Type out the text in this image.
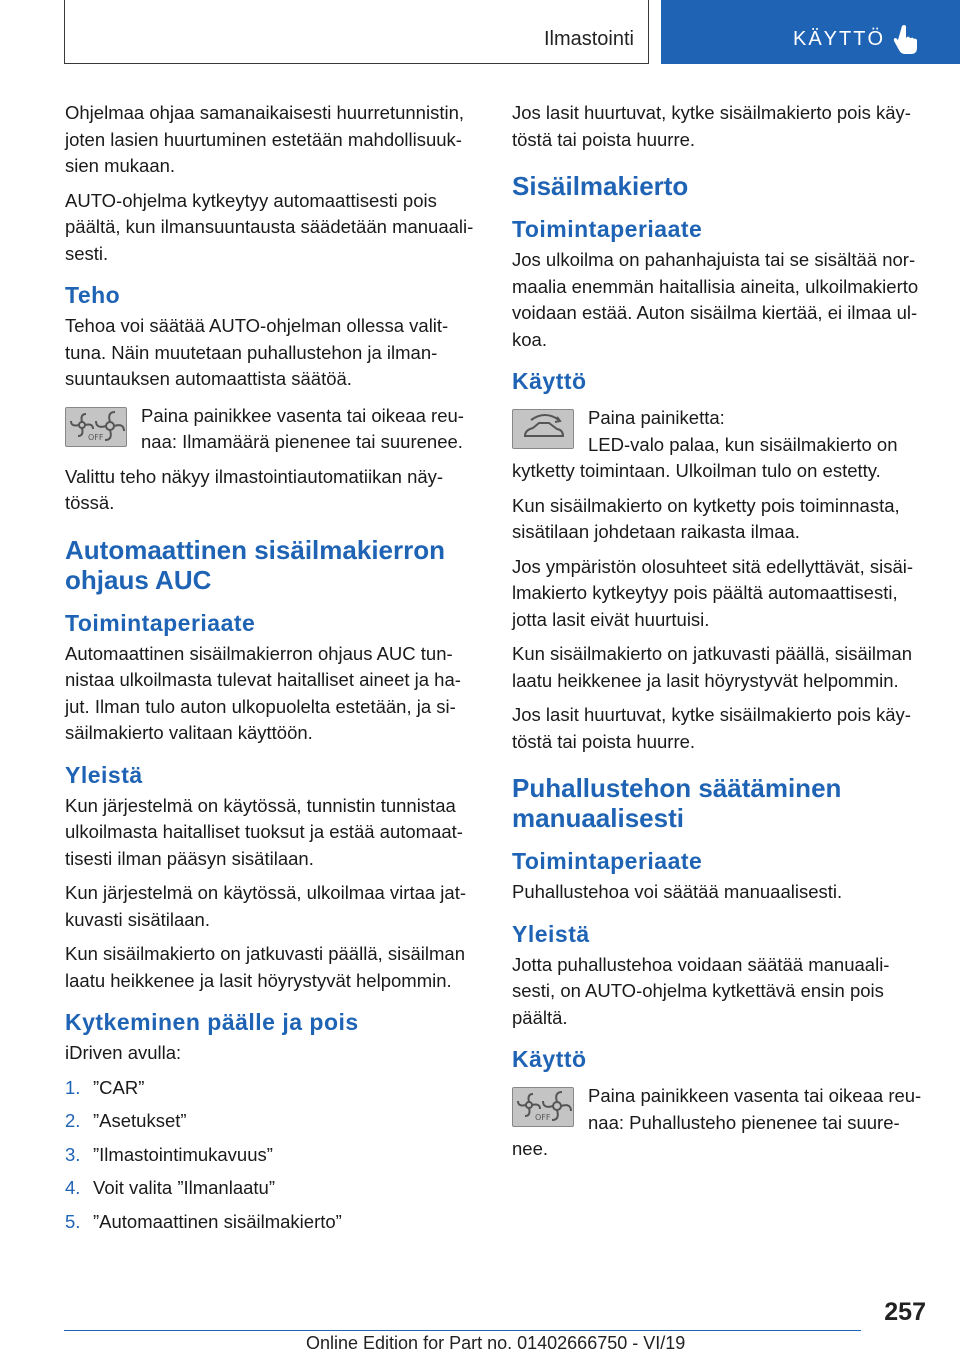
Ilmastointi	KÄYTTÖ

Ohjelmaa ohjaa samanaikaisesti huurretunnistin, joten lasien huurtuminen estetään mahdollisuuk-sien mukaan.

AUTO-ohjelma kytkeytyy automaattisesti pois päältä, kun ilmansuuntausta säädetään manuaali-sesti.

Teho

Tehoa voi säätää AUTO-ohjelman ollessa valit-tuna. Näin muutetaan puhallustehon ja ilman-suuntauksen automaattista säätöä.

OFF
Paina painikkee vasenta tai oikeaa reu-naa: Ilmamäärä pienenee tai suurenee.

Valittu teho näkyy ilmastointiautomatiikan näy-tössä.

Automaattinen sisäilmakierron ohjaus AUC
Toimintaperiaate

Automaattinen sisäilmakierron ohjaus AUC tun-nistaa ulkoilmasta tulevat haitalliset aineet ja ha-jut. Ilman tulo auton ulkopuolelta estetään, ja si-säilmakierto valitaan käyttöön.

Yleistä

Kun järjestelmä on käytössä, tunnistin tunnistaa ulkoilmasta haitalliset tuoksut ja estää automaat-tisesti ilman pääsyn sisätilaan.

Kun järjestelmä on käytössä, ulkoilmaa virtaa jat-kuvasti sisätilaan.

Kun sisäilmakierto on jatkuvasti päällä, sisäilman laatu heikkenee ja lasit höyrystyvät helpommin.

Kytkeminen päälle ja pois

iDriven avulla:

1. ”CAR”
2. ”Asetukset”
3. ”Ilmastointimukavuus”
4. Voit valita ”Ilmanlaatu”
5. ”Automaattinen sisäilmakierto”

Jos lasit huurtuvat, kytke sisäilmakierto pois käy-töstä tai poista huurre.

Sisäilmakierto
Toimintaperiaate

Jos ulkoilma on pahanhajuista tai se sisältää nor-maalia enemmän haitallisia aineita, ulkoilmakierto voidaan estää. Auton sisäilma kiertää, ei ilmaa ul-koa.

Käyttö
Paina painiketta:
LED-valo palaa, kun sisäilmakierto on kytketty toimintaan. Ulkoilman tulo on estetty.

Kun sisäilmakierto on kytketty pois toiminnasta, sisätilaan johdetaan raikasta ilmaa.

Jos ympäristön olosuhteet sitä edellyttävät, sisäi-lmakierto kytkeytyy pois päältä automaattisesti, jotta lasit eivät huurtuisi.

Kun sisäilmakierto on jatkuvasti päällä, sisäilman laatu heikkenee ja lasit höyrystyvät helpommin.

Jos lasit huurtuvat, kytke sisäilmakierto pois käy-töstä tai poista huurre.

Puhallustehon säätäminen manuaalisesti
Toimintaperiaate

Puhallustehoa voi säätää manuaalisesti.

Yleistä

Jotta puhallustehoa voidaan säätää manuaali-sesti, on AUTO-ohjelma kytkettävä ensin pois päältä.

Käyttö
OFF
Paina painikkeen vasenta tai oikeaa reu-naa: Puhallusteho pienenee tai suure-nee.
257
Online Edition for Part no. 01402666750 - VI/19
